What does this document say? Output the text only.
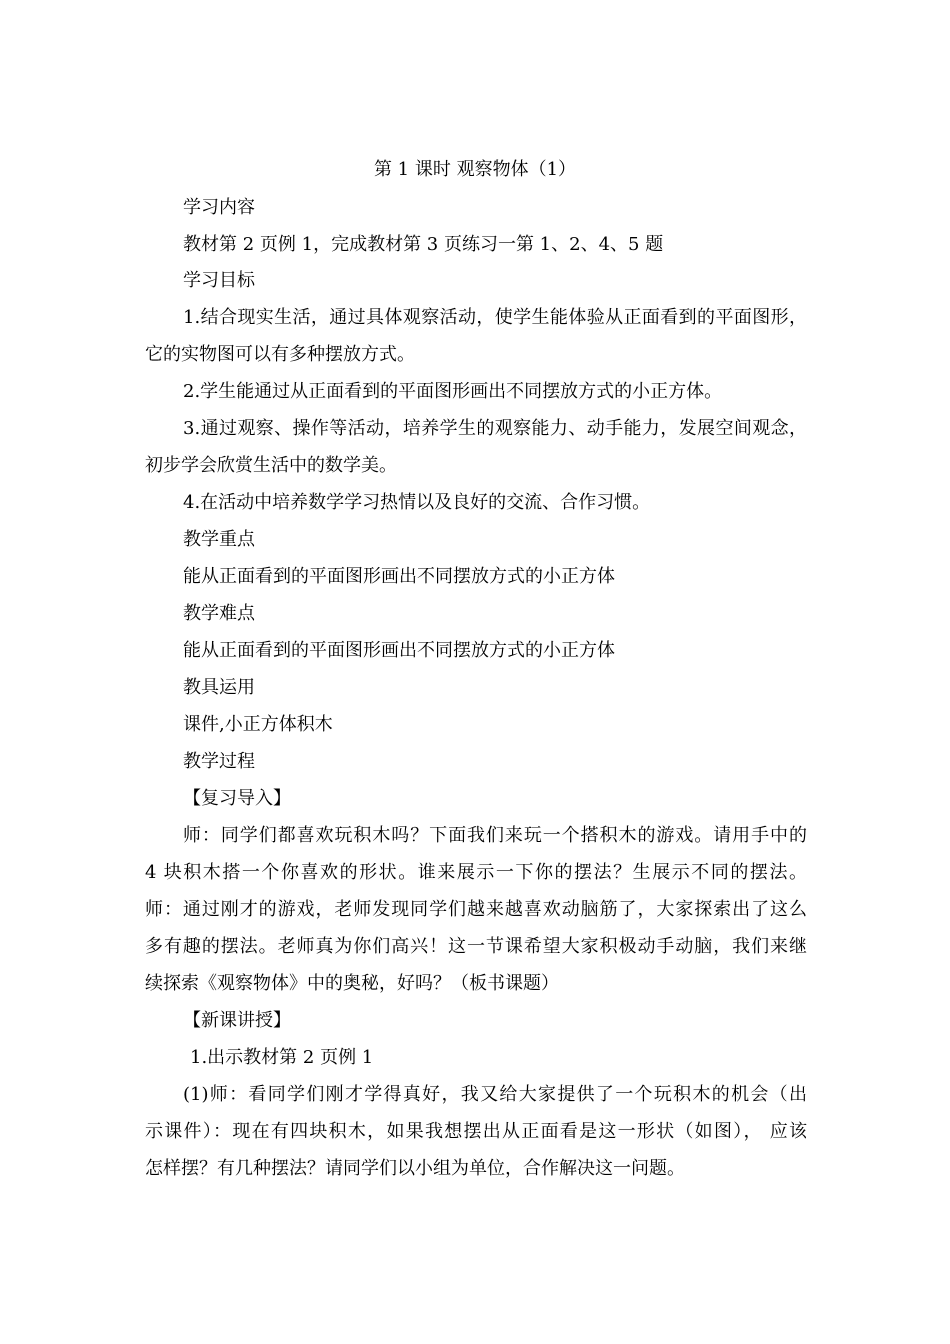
第 1 课时 观察物体（1）
学习内容
教材第 2 页例 1，完成教材第 3 页练习一第 1、2、4、5 题
学习目标
1.结合现实生活，通过具体观察活动，使学生能体验从正面看到的平面图形，
它的实物图可以有多种摆放方式。
2.学生能通过从正面看到的平面图形画出不同摆放方式的小正方体。
3.通过观察、操作等活动，培养学生的观察能力、动手能力，发展空间观念，
初步学会欣赏生活中的数学美。
4.在活动中培养数学学习热情以及良好的交流、合作习惯。
教学重点
能从正面看到的平面图形画出不同摆放方式的小正方体
教学难点
能从正面看到的平面图形画出不同摆放方式的小正方体
教具运用
课件,小正方体积木
教学过程
【复习导入】
师：同学们都喜欢玩积木吗？下面我们来玩一个搭积木的游戏。请用手中的
4 块积木搭一个你喜欢的形状。谁来展示一下你的摆法？生展示不同的摆法。
师：通过刚才的游戏，老师发现同学们越来越喜欢动脑筋了，大家探索出了这么
多有趣的摆法。老师真为你们高兴！这一节课希望大家积极动手动脑，我们来继
续探索《观察物体》中的奥秘，好吗？（板书课题）
【新课讲授】
1.出示教材第 2 页例 1
(1)师：看同学们刚才学得真好，我又给大家提供了一个玩积木的机会（出
示课件）：现在有四块积木，如果我想摆出从正面看是这一形状（如图）， 应该
怎样摆？有几种摆法？请同学们以小组为单位，合作解决这一问题。
